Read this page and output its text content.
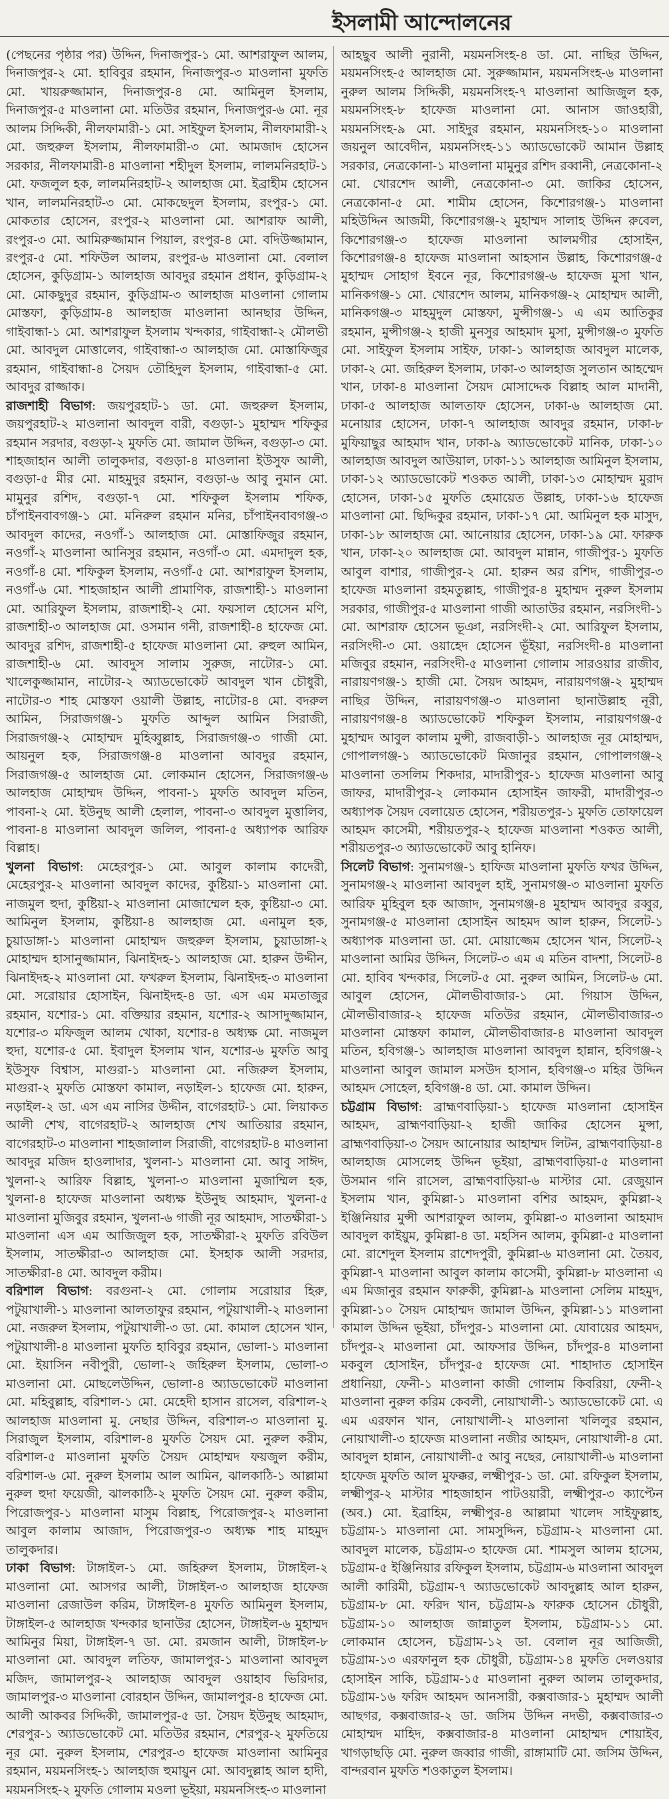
ইসলামী আন্দোলনের

(পেছনের পৃষ্ঠার পর) উদ্দিন, দিনাজপুর-১ মো. আশরাফুল আলম, দিনাজপুর-২ মো. হাবিবুর রহমান, দিনাজপুর-৩ মাওলানা মুফতি মো. খায়রুজ্জামান, দিনাজপুর-৪ মো. আমিনুল ইসলাম, দিনাজপুর-৫ মাওলানা মো. মতিউর রহমান, দিনাজপুর-৬ মো. নূর আলম সিদ্দিকী, নীলফামারী-১ মো. সাইফুল ইসলাম, নীলফামারী-২ মো. জহুরুল ইসলাম, নীলফামারী-৩ মো. আমজাদ হোসেন সরকার, নীলফামারী-৪ মাওলানা শহীদুল ইসলাম, লালমনিরহাট-১ মো. ফজলুল হক, লালমনিরহাট-২ আলহাজ মো. ইব্রাহীম হোসেন খান, লালমনিরহাট-৩ মো. মোকছেদুল ইসলাম, রংপুর-১ মো. মোকতার হোসেন, রংপুর-২ মাওলানা মো. আশরাফ আলী, রংপুর-৩ মো. আমিরুজ্জামান পিয়াল, রংপুর-৪ মো. বদিউজ্জামান, রংপুর-৫ মো. শফিউল আলম, রংপুর-৬ মাওলানা মো. বেলাল হোসেন, কুড়িগ্রাম-১ আলহাজ আবদুর রহমান প্রধান, কুড়িগ্রাম-২ মো. মোকছুদুর রহমান, কুড়িগ্রাম-৩ আলহাজ মাওলানা গোলাম মোস্তফা, কুড়িগ্রাম-৪ আলহাজ মাওলানা আনছার উদ্দিন, গাইবান্ধা-১ মো. আশরাফুল ইসলাম খন্দকার, গাইবান্ধা-২ মৌলভী মো. আবদুল মোত্তালেব, গাইবান্ধা-৩ আলহাজ মো. মোস্তাফিজুর রহমান, গাইবান্ধা-৪ সৈয়দ তৌহিদুল ইসলাম, গাইবান্ধা-৫ মো. আবদুর রাজ্জাক।

রাজশাহী বিভাগ: জয়পুরহাট-১ ডা. মো. জহুরুল ইসলাম, জয়পুরহাট-২ মাওলানা আবদুল বারী, বগুড়া-১ মুহাম্মদ শফিকুর রহমান সরদার, বগুড়া-২ মুফতি মো. জামাল উদ্দিন, বগুড়া-৩ মো. শাহজাহান আলী তালুকদার, বগুড়া-৪ মাওলানা ইউসুফ আলী, বগুড়া-৫ মীর মো. মাহমুদুর রহমান, বগুড়া-৬ আবু নুমান মো. মামুনুর রশিদ, বগুড়া-৭ মো. শফিকুল ইসলাম শফিক, চাঁপাইনবাবগঞ্জ-১ মো. মনিরুল রহমান মনির, চাঁপাইনবাবগঞ্জ-৩ আবদুল কাদের, নওগাঁ-১ আলহাজ মো. মোস্তাফিজুর রহমান, নওগাঁ-২ মাওলানা আনিসুর রহমান, নওগাঁ-৩ মো. এমদাদুল হক, নওগাঁ-৪ মো. শফিকুল ইসলাম, নওগাঁ-৫ মো. আশরাফুল ইসলাম, নওগাঁ-৬ মো. শাহজাহান আলী প্রামাণিক, রাজশাহী-১ মাওলানা মো. আরিফুল ইসলাম, রাজশাহী-২ মো. ফয়সাল হোসেন মণি, রাজশাহী-৩ আলহাজ মো. ওসমান গনী, রাজশাহী-৪ হাফেজ মো. আবদুর রশিদ, রাজশাহী-৫ হাফেজ মাওলানা মো. রুহুল আমিন, রাজশাহী-৬ মো. আবদুস সালাম সুরুজ, নাটোর-১ মো. খালেকুজ্জামান, নাটোর-২ অ্যাডভোকেট আবদুল খান চৌধুরী, নাটোর-৩ শাহ মোস্তফা ওয়ালী উল্লাহ, নাটোর-৪ মো. বদরুল আমিন, সিরাজগঞ্জ-১ মুফতি আব্দুল আমিন সিরাজী, সিরাজগঞ্জ-২ মোহাম্মদ মুহিব্বুল্লাহ, সিরাজগঞ্জ-৩ গাজী মো. আয়নুল হক, সিরাজগঞ্জ-৪ মাওলানা আবদুর রহমান, সিরাজগঞ্জ-৫ আলহাজ মো. লোকমান হোসেন, সিরাজগঞ্জ-৬ আলহাজ মোহাম্মদ উদ্দিন, পাবনা-১ মুফতি আবদুল মতিন, পাবনা-২ মো. ইউনুছ আলী হেলাল, পাবনা-৩ আবদুল মুত্তালিব, পাবনা-৪ মাওলানা আবদুল জলিল, পাবনা-৫ অধ্যাপক আরিফ বিল্লাহ।

খুলনা বিভাগ: মেহেরপুর-১ মো. আবুল কালাম কাদেরী, মেহেরপুর-২ মাওলানা আবদুল কাদের, কুষ্টিয়া-১ মাওলানা মো. নাজমুল হুদা, কুষ্টিয়া-২ মাওলানা মোজাম্মেল হক, কুষ্টিয়া-৩ মো. আমিনুল ইসলাম, কুষ্টিয়া-৪ আলহাজ মো. এনামুল হক, চুয়াডাঙ্গা-১ মাওলানা মোহাম্মদ জহুরুল ইসলাম, চুয়াডাঙ্গা-২ মোহাম্মদ হাসানুজ্জামান, ঝিনাইদহ-১ আলহাজ মো. হারুন উদ্দীন, ঝিনাইদহ-২ মাওলানা মো. ফখরুল ইসলাম, ঝিনাইদহ-৩ মাওলানা মো. সরোয়ার হোসাইন, ঝিনাইদহ-৪ ডা. এস এম মমতাজুর রহমান, যশোর-১ মো. বক্তিয়ার রহমান, যশোর-২ আসাদুজ্জামান, যশোর-৩ মফিজুল আলম খোকা, যশোর-৪ অধ্যক্ষ মো. নাজমুল হুদা, যশোর-৫ মো. ইবাদুল ইসলাম খান, যশোর-৬ মুফতি আবু ইউসুফ বিশ্বাস, মাগুরা-১ মাওলানা মো. নজিরুল ইসলাম, মাগুরা-২ মুফতি মোস্তফা কামাল, নড়াইল-১ হাফেজ মো. হারুন, নড়াইল-২ ডা. এস এম নাসির উদ্দীন, বাগেরহাট-১ মো. লিয়াকত আলী শেখ, বাগেরহাট-২ আলহাজ শেখ আতিয়ার রহমান, বাগেরহাট-৩ মাওলানা শাহজালাল সিরাজী, বাগেরহাট-৪ মাওলানা আবদুর মজিদ হাওলাদার, খুলনা-১ মাওলানা মো. আবু সাঈদ, খুলনা-২ আরিফ বিল্লাহ, খুলনা-৩ মাওলানা মুজাম্মিল হক, খুলনা-৪ হাফেজ মাওলানা অধ্যক্ষ ইউনুছ আহমাদ, খুলনা-৫ মাওলানা মুজিবুর রহমান, খুলনা-৬ গাজী নূর আহমাদ, সাতক্ষীরা-১ মাওলানা এস এম আজিজুল হক, সাতক্ষীরা-২ মুফতি রবিউল ইসলাম, সাতক্ষীরা-৩ আলহাজ মো. ইসহাক আলী সরদার, সাতক্ষীরা-৪ মো. আবদুল করীম।

বরিশাল বিভাগ: বরগুনা-২ মো. গোলাম সরোয়ার হিরু, পটুয়াখালী-১ মাওলানা আলতাফুর রহমান, পটুয়াখালী-২ মাওলানা মো. নজরুল ইসলাম, পটুয়াখালী-৩ ডা. মো. কামাল হোসেন খান, পটুয়াখালী-৪ মাওলানা মুফতি হাবিবুর রহমান, ভোলা-১ মাওলানা মো. ইয়াসিন নবীপুরী, ভোলা-২ জহিরুল ইসলাম, ভোলা-৩ মাওলানা মো. মোছলেউদ্দিন, ভোলা-৪ অ্যাডভোকেট মাওলানা মো. মহিবুল্লাহ, বরিশাল-১ মো. মেহেদী হাসান রাসেল, বরিশাল-২ আলহাজ মাওলানা মু. নেছার উদ্দিন, বরিশাল-৩ মাওলানা মু. সিরাজুল ইসলাম, বরিশাল-৪ মুফতি সৈয়দ মো. নুরুল করীম, বরিশাল-৫ মাওলানা মুফতি সৈয়দ মোহাম্মদ ফয়জুল করীম, বরিশাল-৬ মো. নুরুল ইসলাম আল আমিন, ঝালকাঠি-১ আল্লামা নুরুল হুদা ফয়েজী, ঝালকাঠি-২ মুফতি সৈয়দ মো. নুরুল করীম, পিরোজপুর-১ মাওলানা মাসুম বিল্লাহ, পিরোজপুর-২ মাওলানা আবুল কালাম আজাদ, পিরোজপুর-৩ অধ্যক্ষ শাহ মাহমুদ তালুকদার।

ঢাকা বিভাগ: টাঙ্গাইল-১ মো. জহিরুল ইসলাম, টাঙ্গাইল-২ মাওলানা মো. আসগর আলী, টাঙ্গাইল-৩ আলহাজ হাফেজ মাওলানা রেজাউল করিম, টাঙ্গাইল-৪ মুফতি আমিনুল ইসলাম, টাঙ্গাইল-৫ আলহাজ খন্দকার ছানাউর হোসেন, টাঙ্গাইল-৬ মুহাম্মদ আমিনুর মিয়া, টাঙ্গাইল-৭ ডা. মো. রমজান আলী, টাঙ্গাইল-৮ মাওলানা মো. আবদুল লতিফ, জামালপুর-১ মাওলানা আবদুল মজিদ, জামালপুর-২ আলহাজ আবদুল ওয়াহাব ভিরিদার, জামালপুর-৩ মাওলানা বোরহান উদ্দিন, জামালপুর-৪ হাফেজ মো. আলী আকবর সিদ্দিকী, জামালপুর-৫ ডা. সৈয়দ ইউনুছ আহমাদ, শেরপুর-১ অ্যাডভোকেট মো. মতিউর রহমান, শেরপুর-২ মুফতিয়ে নূর মো. নুরুল ইসলাম, শেরপুর-৩ হাফেজ মাওলানা আমিনুর রহমান, ময়মনসিংহ-১ আলহাজ হুমায়ুন মো. আবদুল্লাহ আল হাদী, ময়মনসিংহ-২ মুফতি গোলাম মওলা ভূইয়া, ময়মনসিংহ-৩ মাওলানা

আহছুব আলী নুরানী, ময়মনসিংহ-৪ ডা. মো. নাছির উদ্দিন, ময়মনসিংহ-৫ আলহাজ মো. সুরুজ্জামান, ময়মনসিংহ-৬ মাওলানা নুরুল আলম সিদ্দিকী, ময়মনসিংহ-৭ মাওলানা আজিজুল হক, ময়মনসিংহ-৮ হাফেজ মাওলানা মো. আনাস জাওহারী, ময়মনসিংহ-৯ মো. সাইদুর রহমান, ময়মনসিংহ-১০ মাওলানা জয়নুল আবেদীন, ময়মনসিংহ-১১ অ্যাডভোকেট আমান উল্লাহ সরকার, নেত্রকোনা-১ মাওলানা মামুনুর রশিদ রব্বানী, নেত্রকোনা-২ মো. খোরশেদ আলী, নেত্রকোনা-৩ মো. জাকির হোসেন, নেত্রকোনা-৫ মো. শামীম হোসেন, কিশোরগঞ্জ-১ মাওলানা মহিউদ্দিন আজমী, কিশোরগঞ্জ-২ মুহাম্মদ সালাহ উদ্দিন রুবেল, কিশোরগঞ্জ-৩ হাফেজ মাওলানা আলমগীর হোসাইন, কিশোরগঞ্জ-৪ হাফেজ মাওলানা আহসান উল্লাহ, কিশোরগঞ্জ-৫ মুহাম্মদ সোহাগ ইবনে নূর, কিশোরগঞ্জ-৬ হাফেজ মুসা খান, মানিকগঞ্জ-১ মো. খোরশেদ আলম, মানিকগঞ্জ-২ মোহাম্মদ আলী, মানিকগঞ্জ-৩ মাহমুদুল মোস্তফা, মুন্সীগঞ্জ-১ এ এম আতিকুর রহমান, মুন্সীগঞ্জ-২ হাজী মুনসুর আহমাদ মুসা, মুন্সীগঞ্জ-৩ মুফতি মো. সাইফুল ইসলাম সাইফ, ঢাকা-১ আলহাজ আবদুল মালেক, ঢাকা-২ মো. জহিরুল ইসলাম, ঢাকা-৩ আলহাজ সুলতান আহম্মেদ খান, ঢাকা-৪ মাওলানা সৈয়দ মোসাদ্দেক বিল্লাহ আল মাদানী, ঢাকা-৫ আলহাজ আলতাফ হোসেন, ঢাকা-৬ আলহাজ মো. মনোয়ার হোসেন, ঢাকা-৭ আলহাজ আবদুর রহমান, ঢাকা-৮ মুফিয়াছুর আহমাদ খান, ঢাকা-৯ অ্যাডভোকেট মানিক, ঢাকা-১০ আলহাজ আবদুল আউয়াল, ঢাকা-১১ আলহাজ আমিনুল ইসলাম, ঢাকা-১২ অ্যাডভোকেট শওকত আলী, ঢাকা-১৩ মোহাম্মদ মুরাদ হোসেন, ঢাকা-১৫ মুফতি হেমায়েত উল্লাহ, ঢাকা-১৬ হাফেজ মাওলানা মো. ছিদ্দিকুর রহমান, ঢাকা-১৭ মো. আমিনুল হক মাসুদ, ঢাকা-১৮ আলহাজ মো. আনোয়ার হোসেন, ঢাকা-১৯ মো. ফারুক খান, ঢাকা-২০ আলহাজ মো. আবদুল মান্নান, গাজীপুর-১ মুফতি আবুল বাশার, গাজীপুর-২ মো. হারুন অর রশিদ, গাজীপুর-৩ হাফেজ মাওলানা রহমতুল্লাহ, গাজীপুর-৪ মুহাম্মদ নুরুল ইসলাম সরকার, গাজীপুর-৫ মাওলানা গাজী আতাউর রহমান, নরসিংদী-১ মো. আশরাফ হোসেন ভূঞা, নরসিংদী-২ মো. আরিফুল ইসলাম, নরসিংদী-৩ মো. ওয়াহেদ হোসেন ভূঁইয়া, নরসিংদী-৪ মাওলানা মজিবুর রহমান, নরসিংদী-৫ মাওলানা গোলাম সারওয়ার রাজীব, নারায়ণগঞ্জ-১ হাজী মো. সৈয়দ আহমদ, নারায়ণগঞ্জ-২ মুহাম্মদ নাছির উদ্দিন, নারায়ণগঞ্জ-৩ মাওলানা ছানাউল্লাহ নূরী, নারায়ণগঞ্জ-৪ অ্যাডভোকেট শফিকুল ইসলাম, নারায়ণগঞ্জ-৫ মুহাম্মদ আবুল কালাম মুন্সী, রাজবাড়ী-১ আলহাজ নূর মোহাম্মদ, গোপালগঞ্জ-১ অ্যাডভোকেট মিজানুর রহমান, গোপালগঞ্জ-২ মাওলানা তসলিম শিকদার, মাদারীপুর-১ হাফেজ মাওলানা আবু জাফর, মাদারীপুর-২ লোকমান হোসাইন জাফরী, মাদারীপুর-৩ অধ্যাপক সৈয়দ বেলায়েত হোসেন, শরীয়তপুর-১ মুফতি তোফায়েল আহমদ কাসেমী, শরীয়তপুর-২ হাফেজ মাওলানা শওকত আলী, শরীয়তপুর-৩ অ্যাডভোকেট আবু হানিফ।

সিলেট বিভাগ: সুনামগঞ্জ-১ হাফিজ মাওলানা মুফতি ফখর উদ্দিন, সুনামগঞ্জ-২ মাওলানা আবদুল হাই, সুনামগঞ্জ-৩ মাওলানা মুফতি আরিফ মুহিবুল হক আজাদ, সুনামগঞ্জ-৪ মুহাম্মদ আবদুর রব্বুর, সুনামগঞ্জ-৫ মাওলানা হোসাইন আহমদ আল হারুন, সিলেট-১ অধ্যাপক মাওলানা ডা. মো. মোয়াজ্জেম হোসেন খান, সিলেট-২ মাওলানা আমির উদ্দিন, সিলেট-৩ এম এ মতিন বাদশা, সিলেট-৪ মো. হাবিব খন্দকার, সিলেট-৫ মো. নুরুল আমিন, সিলেট-৬ মো. আবুল হোসেন, মৌলভীবাজার-১ মো. গিয়াস উদ্দিন, মৌলভীবাজার-২ হাফেজ মতিউর রহমান, মৌলভীবাজার-৩ মাওলানা মোস্তফা কামাল, মৌলভীবাজার-৪ মাওলানা আবদুল মতিন, হবিগঞ্জ-১ আলহাজ মাওলানা আবদুল হান্নান, হবিগঞ্জ-২ মাওলানা আবুল জামাল মসউদ হাসান, হবিগঞ্জ-৩ মহির উদ্দিন আহমদ সোহেল, হবিগঞ্জ-৪ ডা. মো. কামাল উদ্দিন।

চট্টগ্রাম বিভাগ: ব্রাহ্মণবাড়িয়া-১ হাফেজ মাওলানা হোসাইন আহমদ, ব্রাহ্মণবাড়িয়া-২ হাজী জাকির হোসেন মুন্সা, ব্রাহ্মণবাড়িয়া-৩ সৈয়দ আনোয়ার আহাম্মদ লিটন, ব্রাহ্মণবাড়িয়া-৪ আলহাজ মোসলেহ উদ্দিন ভূইয়া, ব্রাহ্মণবাড়িয়া-৫ মাওলানা উসমান গনি রাসেল, ব্রাহ্মণবাড়িয়া-৬ মাস্টার মো. রেজুয়ান ইসলাম খান, কুমিল্লা-১ মাওলানা বশির আহমদ, কুমিল্লা-২ ইঞ্জিনিয়ার মুন্সী আশরাফুল আলম, কুমিল্লা-৩ মাওলানা আহমাদ আবদুল কাইয়ুম, কুমিল্লা-৪ ডা. মহসিন আলম, কুমিল্লা-৫ মাওলানা মো. রাশেদুল ইসলাম রাশেদপুরী, কুমিল্লা-৬ মাওলানা মো. তৈয়ব, কুমিল্লা-৭ মাওলানা আবুল কালাম কাসেমী, কুমিল্লা-৮ মাওলানা এ এম মিজানুর রহমান ফারুকী, কুমিল্লা-৯ মাওলানা সেলিম মাহমুদ, কুমিল্লা-১০ সৈয়দ মোহাম্মদ জামাল উদ্দিন, কুমিল্লা-১১ মাওলানা কামাল উদ্দিন ভূইয়া, চাঁদপুর-১ মাওলানা মো. যোবায়ের আহমদ, চাঁদপুর-২ মাওলানা মো. আফসার উদ্দিন, চাঁদপুর-৪ মাওলানা মকবুল হোসাইন, চাঁদপুর-৫ হাফেজ মো. শাহাদাত হোসাইন প্রধানিয়া, ফেনী-১ মাওলানা কাজী গোলাম কিবরিয়া, ফেনী-২ মাওলানা নুরুল করিম কেবলী, নোয়াখালী-১ অ্যাডভোকেট মো. এ এম এরফান খান, নোয়াখালী-২ মাওলানা খলিলুর রহমান, নোয়াখালী-৩ হাফেজ মাওলানা নজীর আহমদ, নোয়াখালী-৪ মো. আবদুল হান্নান, নোয়াখালী-৫ আবু নছের, নোয়াখালী-৬ মাওলানা হাফেজ মুফতি আল মুফক্কর, লক্ষ্মীপুর-১ ডা. মো. রফিকুল ইসলাম, লক্ষ্মীপুর-২ মাস্টার শাহজাহান পাটওয়ারী, লক্ষ্মীপুর-৩ ক্যাপ্টেন (অব.) মো. ইব্রাহিম, লক্ষ্মীপুর-৪ আল্লামা খালেদ সাইফুল্লাহ, চট্টগ্রাম-১ মাওলানা মো. সামসুদ্দিন, চট্টগ্রাম-২ মাওলানা মো. আবদুল মালেক, চট্টগ্রাম-৩ হাফেজ মো. শামসুল আলম হাসেম, চট্টগ্রাম-৫ ইঞ্জিনিয়ার রফিকুল ইসলাম, চট্টগ্রাম-৬ মাওলানা আবদুল আলী কারিমী, চট্টগ্রাম-৭ অ্যাডভোকেট আবদুল্লাহ আল হারুন, চট্টগ্রাম-৮ মো. ফরিদ খান, চট্টগ্রাম-৯ ফারুক হোসেন চৌধুরী, চট্টগ্রাম-১০ আলহাজ জান্নাতুল ইসলাম, চট্টগ্রাম-১১ মো. লোকমান হোসেন, চট্টগ্রাম-১২ ডা. বেলাল নূর আজিজী, চট্টগ্রাম-১৩ এরফানুল হক চৌধুরী, চট্টগ্রাম-১৪ মুফতি দেলওয়ার হোসাইন সাকি, চট্টগ্রাম-১৫ মাওলানা নুরুল আলম তালুকদার, চট্টগ্রাম-১৬ ফরিদ আহমদ আনসারী, কক্সবাজার-১ মুহাম্মদ আলী আছগর, কক্সবাজার-২ ডা. জসিম উদ্দিন নদভী, কক্সবাজার-৩ মোহাম্মদ মাহিদ, কক্সবাজার-৪ মাওলানা মোহাম্মদ শোয়াইব, খাগড়াছড়ি মো. নুরুল জব্বার গাজী, রাঙ্গামাটি মো. জসিম উদ্দিন, বান্দরবান মুফতি শওকাতুল ইসলাম।
